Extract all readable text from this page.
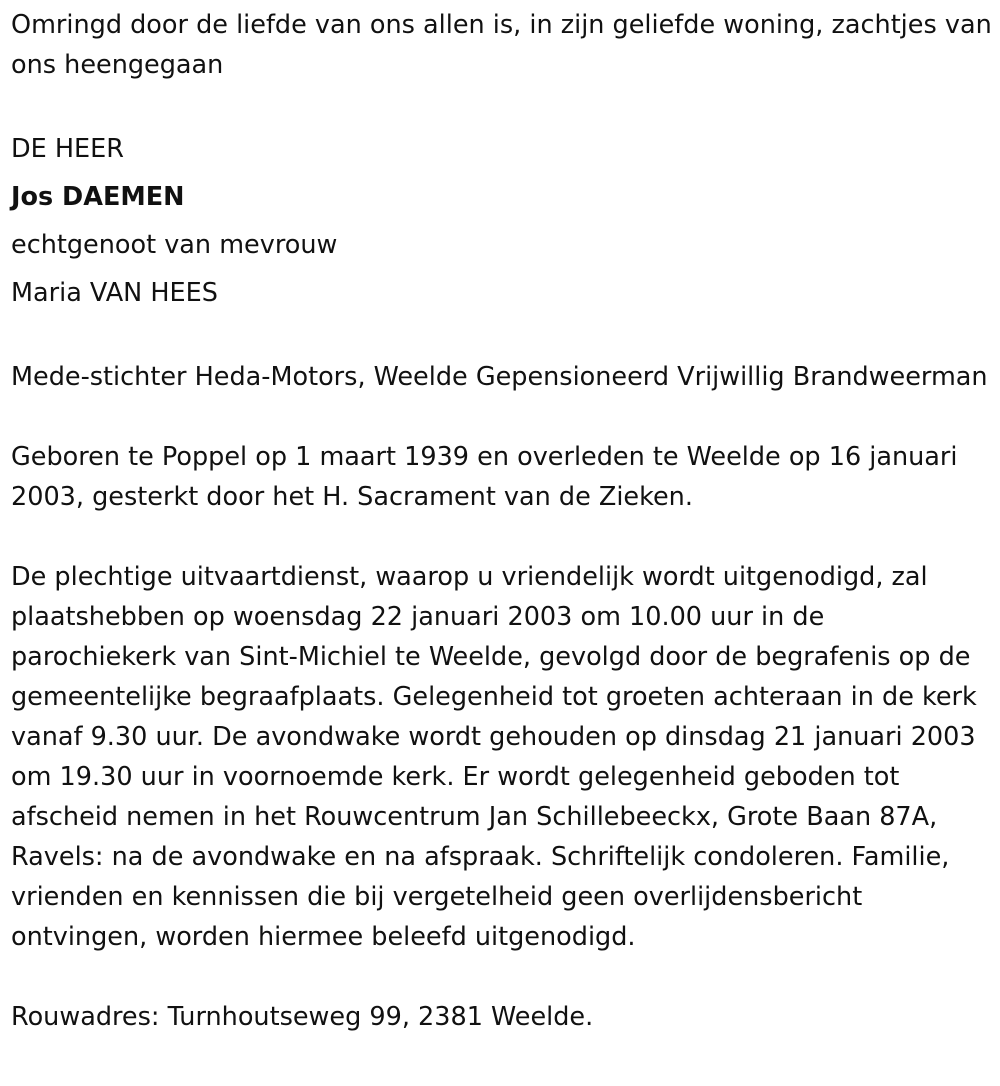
Omringd door de liefde van ons allen is, in zijn geliefde woning, zachtjes van ons heengegaan

DE HEER

Jos DAEMEN

echtgenoot van mevrouw

Maria VAN HEES

Mede-stichter Heda-Motors, Weelde Gepensioneerd Vrijwillig Brandweerman

Geboren te Poppel op 1 maart 1939 en overleden te Weelde op 16 januari 2003, gesterkt door het H. Sacrament van de Zieken.

De plechtige uitvaartdienst, waarop u vriendelijk wordt uitgenodigd, zal plaatshebben op woensdag 22 januari 2003 om 10.00 uur in de parochiekerk van Sint-Michiel te Weelde, gevolgd door de begrafenis op de gemeentelijke begraafplaats. Gelegenheid tot groeten achteraan in de kerk vanaf 9.30 uur. De avondwake wordt gehouden op dinsdag 21 januari 2003 om 19.30 uur in voornoemde kerk. Er wordt gelegenheid geboden tot afscheid nemen in het Rouwcentrum Jan Schillebeeckx, Grote Baan 87A, Ravels: na de avondwake en na afspraak. Schriftelijk condoleren. Familie, vrienden en kennissen die bij vergetelheid geen overlijdensbericht ontvingen, worden hiermee beleefd uitgenodigd.

Rouwadres: Turnhoutseweg 99, 2381 Weelde.
